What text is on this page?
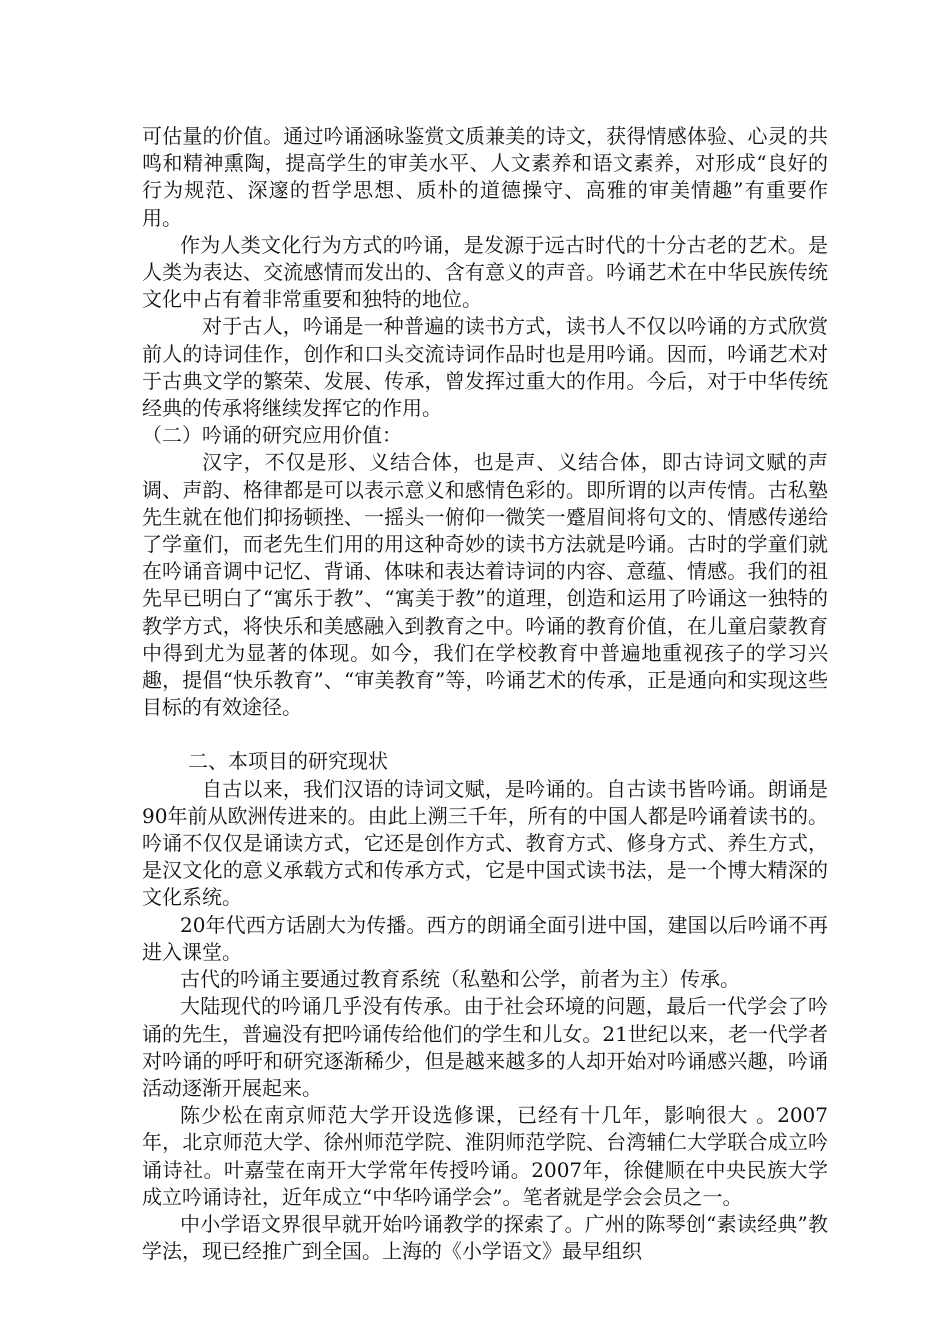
可估量的价值。通过吟诵涵咏鉴赏文质兼美的诗文，获得情感体验、心灵的共鸣和精神熏陶，提高学生的审美水平、人文素养和语文素养，对形成“良好的行为规范、深邃的哲学思想、质朴的道德操守、高雅的审美情趣”有重要作用。

作为人类文化行为方式的吟诵，是发源于远古时代的十分古老的艺术。是人类为表达、交流感情而发出的、含有意义的声音。吟诵艺术在中华民族传统文化中占有着非常重要和独特的地位。

对于古人，吟诵是一种普遍的读书方式，读书人不仅以吟诵的方式欣赏前人的诗词佳作，创作和口头交流诗词作品时也是用吟诵。因而，吟诵艺术对于古典文学的繁荣、发展、传承，曾发挥过重大的作用。今后，对于中华传统经典的传承将继续发挥它的作用。

（二）吟诵的研究应用价值：

汉字，不仅是形、义结合体，也是声、义结合体，即古诗词文赋的声调、声韵、格律都是可以表示意义和感情色彩的。即所谓的以声传情。古私塾先生就在他们抑扬顿挫、一摇头一俯仰一微笑一蹙眉间将句文的、情感传递给了学童们，而老先生们用的用这种奇妙的读书方法就是吟诵。古时的学童们就在吟诵音调中记忆、背诵、体味和表达着诗词的内容、意蕴、情感。我们的祖先早已明白了“寓乐于教”、“寓美于教”的道理，创造和运用了吟诵这一独特的教学方式，将快乐和美感融入到教育之中。吟诵的教育价值，在儿童启蒙教育中得到尤为显著的体现。如今，我们在学校教育中普遍地重视孩子的学习兴趣，提倡“快乐教育”、“审美教育”等，吟诵艺术的传承，正是通向和实现这些目标的有效途径。

二、本项目的研究现状

自古以来，我们汉语的诗词文赋，是吟诵的。自古读书皆吟诵。朗诵是90年前从欧洲传进来的。由此上溯三千年，所有的中国人都是吟诵着读书的。吟诵不仅仅是诵读方式，它还是创作方式、教育方式、修身方式、养生方式，是汉文化的意义承载方式和传承方式，它是中国式读书法，是一个博大精深的文化系统。

20年代西方话剧大为传播。西方的朗诵全面引进中国，建国以后吟诵不再进入课堂。

古代的吟诵主要通过教育系统（私塾和公学，前者为主）传承。

大陆现代的吟诵几乎没有传承。由于社会环境的问题，最后一代学会了吟诵的先生，普遍没有把吟诵传给他们的学生和儿女。21世纪以来，老一代学者对吟诵的呼吁和研究逐渐稀少，但是越来越多的人却开始对吟诵感兴趣，吟诵活动逐渐开展起来。

陈少松在南京师范大学开设选修课，已经有十几年，影响很大 。2007年，北京师范大学、徐州师范学院、淮阴师范学院、台湾辅仁大学联合成立吟诵诗社。叶嘉莹在南开大学常年传授吟诵。2007年，徐健顺在中央民族大学成立吟诵诗社，近年成立“中华吟诵学会”。笔者就是学会会员之一。

中小学语文界很早就开始吟诵教学的探索了。广州的陈琴创“素读经典”教学法，现已经推广到全国。上海的《小学语文》最早组织
